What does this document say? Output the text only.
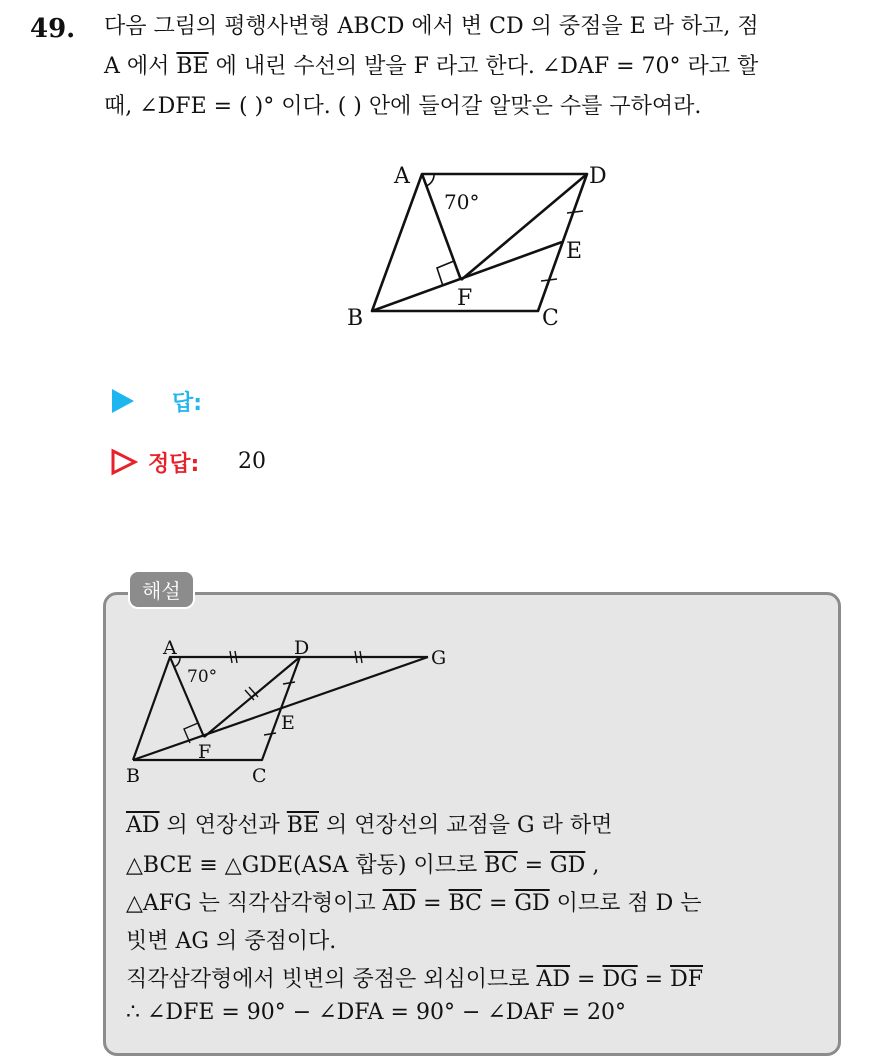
49. 다음 그림의 평행사변형 ABCD 에서 변 CD 의 중점을 E 라 하고, 점
A 에서 $\overline{BE}$ 에 내린 수선의 발을 F 라고 한다. ∠DAF = 70° 라고 할
때, ∠DFE = ( )° 이다. ( ) 안에 들어갈 알맞은 수를 구하여라.
A	D
B	C
E
F
70°
답:
정답: 20
해설
A	D	G
B	C
E
F
70°
$\overline{AD}$ 의 연장선과 $\overline{BE}$ 의 연장선의 교점을 G 라 하면
△BCE ≡ △GDE(ASA 합동) 이므로 $\overline{BC} = \overline{GD}$ ,
△AFG 는 직각삼각형이고 $\overline{AD} = \overline{BC} = \overline{GD}$ 이므로 점 D 는
빗변 AG 의 중점이다.
직각삼각형에서 빗변의 중점은 외심이므로 $\overline{AD} = \overline{DG} = \overline{DF}$
∴ ∠DFE = 90° − ∠DFA = 90° − ∠DAF = 20°
